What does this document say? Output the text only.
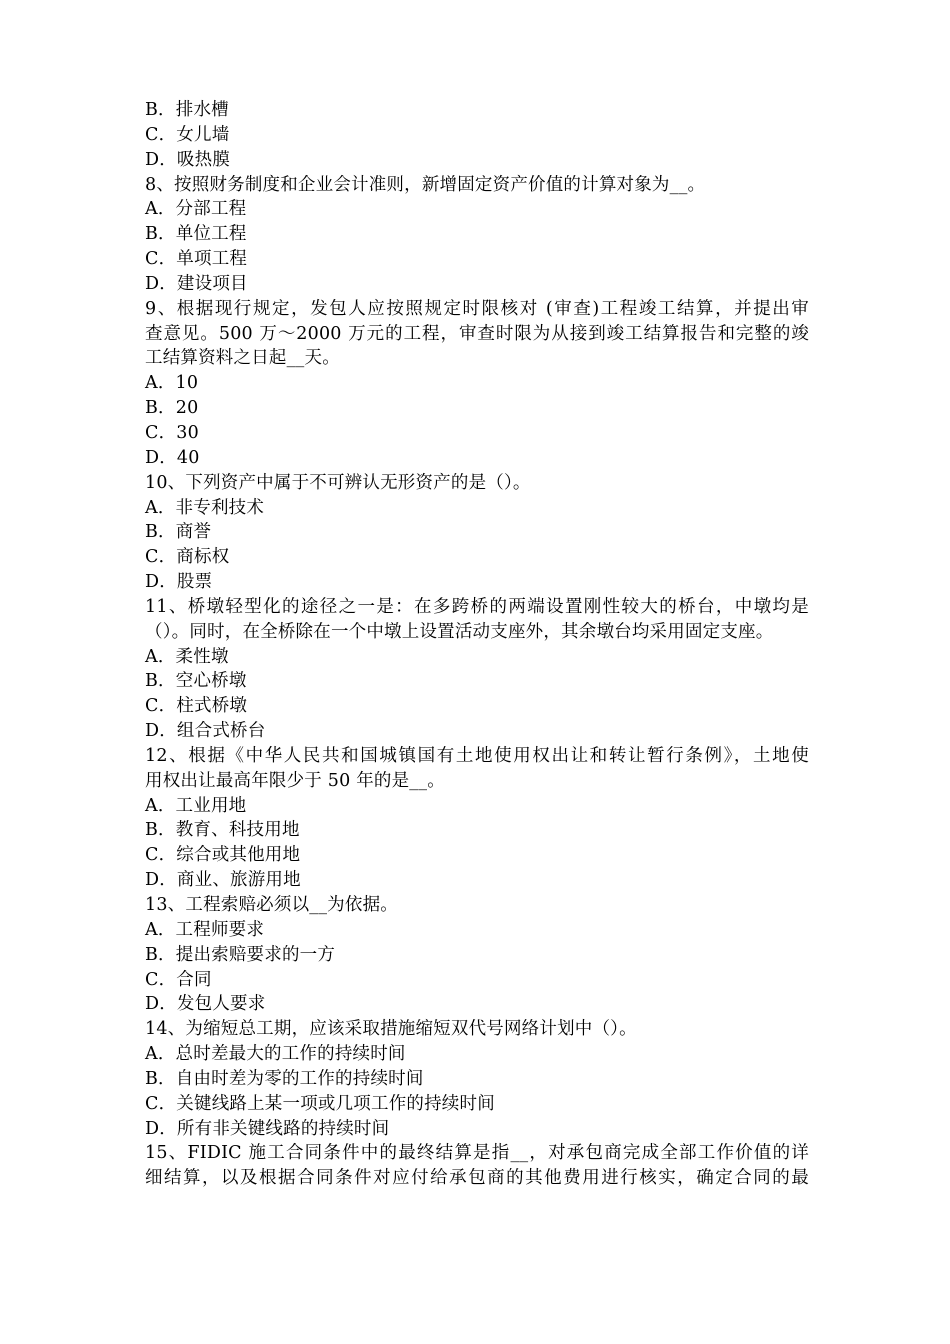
B．排水槽
C．女儿墙
D．吸热膜
8、按照财务制度和企业会计准则，新增固定资产价值的计算对象为__。
A．分部工程
B．单位工程
C．单项工程
D．建设项目
9、根据现行规定，发包人应按照规定时限核对 (审查)工程竣工结算，并提出审
查意见。500 万～2000 万元的工程，审查时限为从接到竣工结算报告和完整的竣
工结算资料之日起__天。
A．10
B．20
C．30
D．40
10、下列资产中属于不可辨认无形资产的是（）。
A．非专利技术
B．商誉
C．商标权
D．股票
11、桥墩轻型化的途径之一是：在多跨桥的两端设置刚性较大的桥台，中墩均是
（）。同时，在全桥除在一个中墩上设置活动支座外，其余墩台均采用固定支座。
A．柔性墩
B．空心桥墩
C．柱式桥墩
D．组合式桥台
12、根据《中华人民共和国城镇国有土地使用权出让和转让暂行条例》，土地使
用权出让最高年限少于 50 年的是__。
A．工业用地
B．教育、科技用地
C．综合或其他用地
D．商业、旅游用地
13、工程索赔必须以__为依据。
A．工程师要求
B．提出索赔要求的一方
C．合同
D．发包人要求
14、为缩短总工期，应该采取措施缩短双代号网络计划中（）。
A．总时差最大的工作的持续时间
B．自由时差为零的工作的持续时间
C．关键线路上某一项或几项工作的持续时间
D．所有非关键线路的持续时间
15、FIDIC 施工合同条件中的最终结算是指__，对承包商完成全部工作价值的详
细结算，以及根据合同条件对应付给承包商的其他费用进行核实，确定合同的最
